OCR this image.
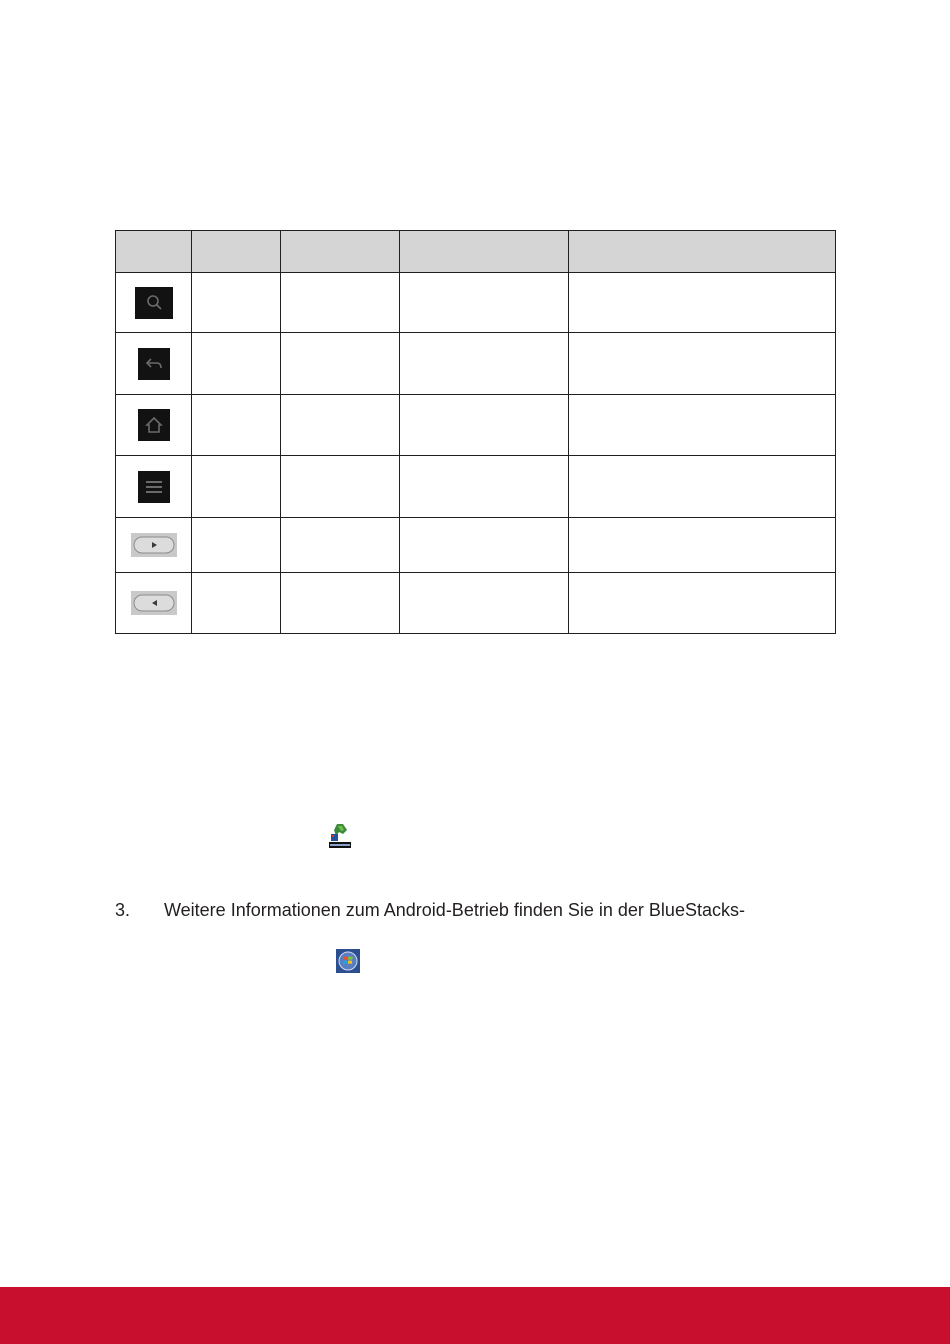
3. Weitere Informationen zum Android-Betrieb finden Sie in der BlueStacks-
